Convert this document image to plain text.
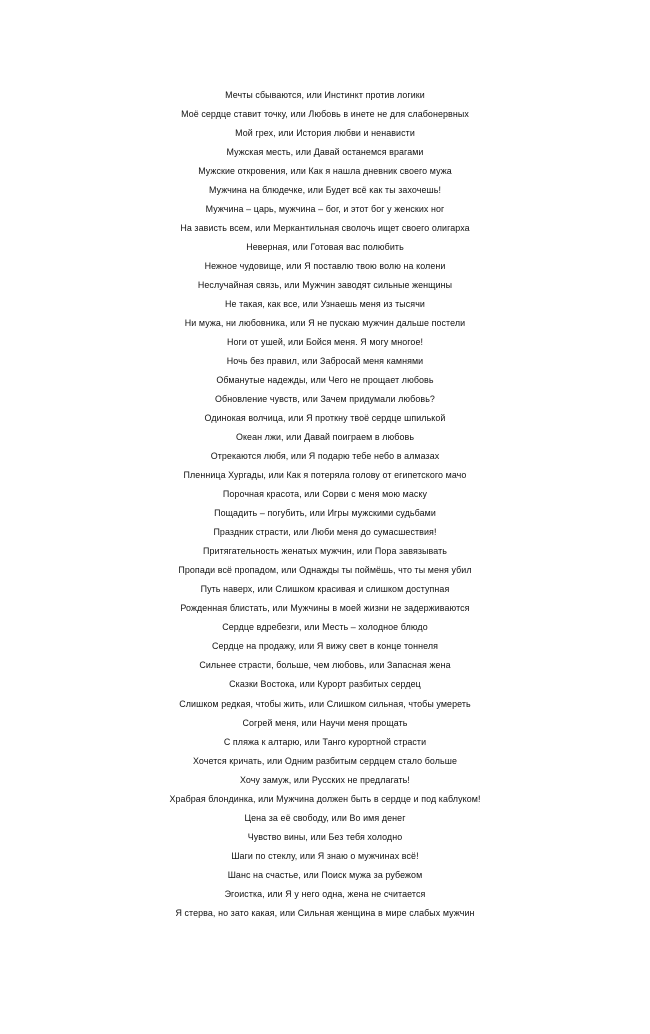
Мечты сбываются, или Инстинкт против логики
Моё сердце ставит точку, или Любовь в инете не для слабонервных
Мой грех, или История любви и ненависти
Мужская месть, или Давай останемся врагами
Мужские откровения, или Как я нашла дневник своего мужа
Мужчина на блюдечке, или Будет всё как ты захочешь!
Мужчина – царь, мужчина – бог, и этот бог у женских ног
На зависть всем, или Меркантильная сволочь ищет своего олигарха
Неверная, или Готовая вас полюбить
Нежное чудовище, или Я поставлю твою волю на колени
Неслучайная связь, или Мужчин заводят сильные женщины
Не такая, как все, или Узнаешь меня из тысячи
Ни мужа, ни любовника, или Я не пускаю мужчин дальше постели
Ноги от ушей, или Бойся меня. Я могу многое!
Ночь без правил, или Забросай меня камнями
Обманутые надежды, или Чего не прощает любовь
Обновление чувств, или Зачем придумали любовь?
Одинокая волчица, или Я проткну твоё сердце шпилькой
Океан лжи, или Давай поиграем в любовь
Отрекаются любя, или Я подарю тебе небо в алмазах
Пленница Хургады, или Как я потеряла голову от египетского мачо
Порочная красота, или Сорви с меня мою маску
Пощадить – погубить, или Игры мужскими судьбами
Праздник страсти, или Люби меня до сумасшествия!
Притягательность женатых мужчин, или Пора завязывать
Пропади всё пропадом, или Однажды ты поймёшь, что ты меня убил
Путь наверх, или Слишком красивая и слишком доступная
Рожденная блистать, или Мужчины в моей жизни не задерживаются
Сердце вдребезги, или Месть – холодное блюдо
Сердце на продажу, или Я вижу свет в конце тоннеля
Сильнее страсти, больше, чем любовь, или Запасная жена
Сказки Востока, или Курорт разбитых сердец
Слишком редкая, чтобы жить, или Слишком сильная, чтобы умереть
Согрей меня, или Научи меня прощать
С пляжа к алтарю, или Танго курортной страсти
Хочется кричать, или Одним разбитым сердцем стало больше
Хочу замуж, или Русских не предлагать!
Храбрая блондинка, или Мужчина должен быть в сердце и под каблуком!
Цена за её свободу, или Во имя денег
Чувство вины, или Без тебя холодно
Шаги по стеклу, или Я знаю о мужчинах всё!
Шанс на счастье, или Поиск мужа за рубежом
Эгоистка, или Я у него одна, жена не считается
Я стерва, но зато какая, или Сильная женщина в мире слабых мужчин
